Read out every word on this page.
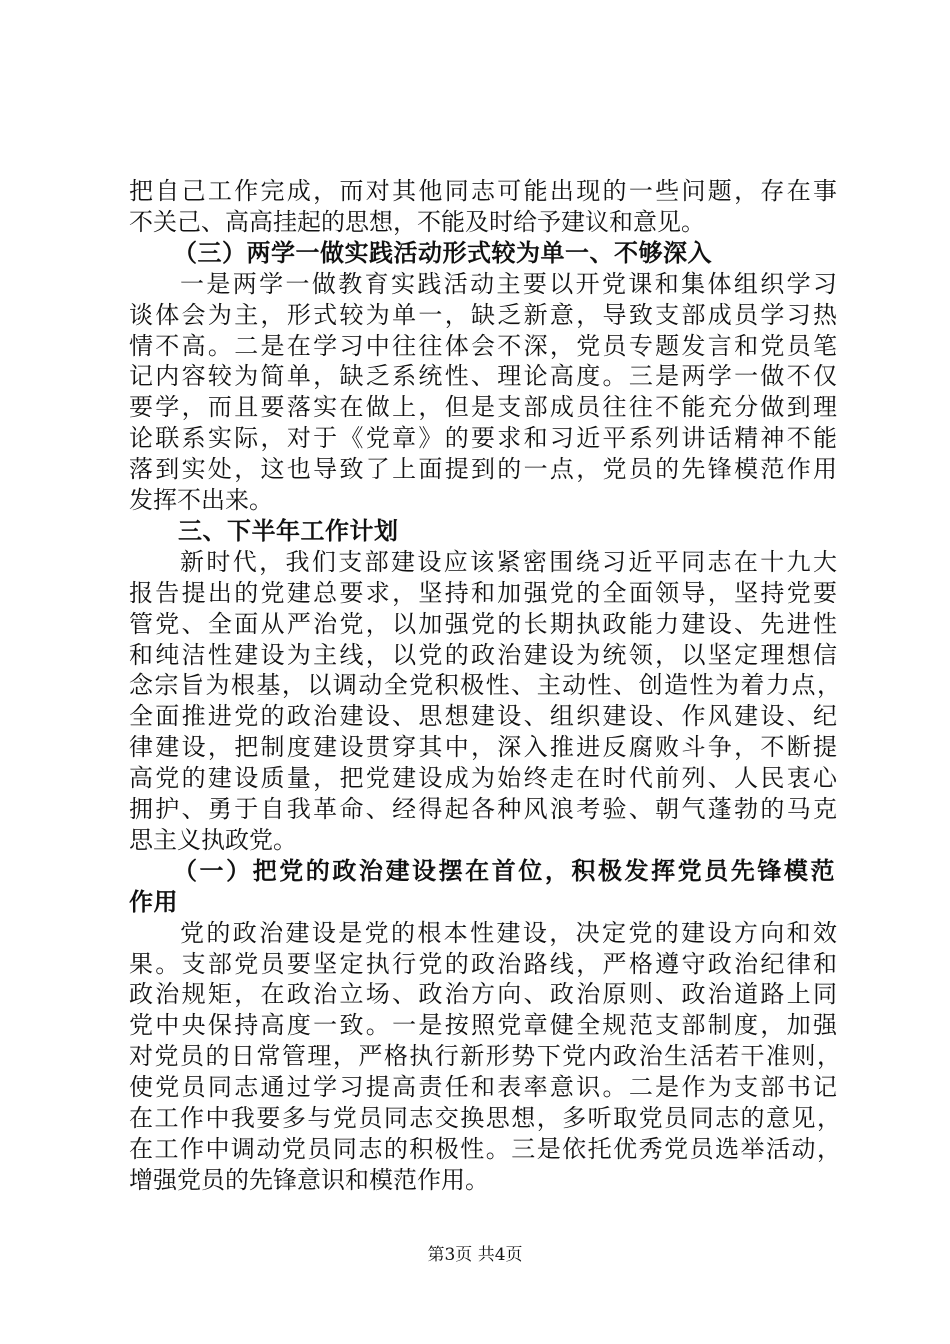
把自己工作完成，而对其他同志可能出现的一些问题，存在事
不关己、高高挂起的思想，不能及时给予建议和意见。
（三）两学一做实践活动形式较为单一、不够深入
一是两学一做教育实践活动主要以开党课和集体组织学习
谈体会为主，形式较为单一，缺乏新意，导致支部成员学习热
情不高。二是在学习中往往体会不深，党员专题发言和党员笔
记内容较为简单，缺乏系统性、理论高度。三是两学一做不仅
要学，而且要落实在做上，但是支部成员往往不能充分做到理
论联系实际，对于《党章》的要求和习近平系列讲话精神不能
落到实处，这也导致了上面提到的一点，党员的先锋模范作用
发挥不出来。
三、下半年工作计划
新时代，我们支部建设应该紧密围绕习近平同志在十九大
报告提出的党建总要求，坚持和加强党的全面领导，坚持党要
管党、全面从严治党，以加强党的长期执政能力建设、先进性
和纯洁性建设为主线，以党的政治建设为统领，以坚定理想信
念宗旨为根基，以调动全党积极性、主动性、创造性为着力点，
全面推进党的政治建设、思想建设、组织建设、作风建设、纪
律建设，把制度建设贯穿其中，深入推进反腐败斗争，不断提
高党的建设质量，把党建设成为始终走在时代前列、人民衷心
拥护、勇于自我革命、经得起各种风浪考验、朝气蓬勃的马克
思主义执政党。
（一）把党的政治建设摆在首位，积极发挥党员先锋模范
作用
党的政治建设是党的根本性建设，决定党的建设方向和效
果。支部党员要坚定执行党的政治路线，严格遵守政治纪律和
政治规矩，在政治立场、政治方向、政治原则、政治道路上同
党中央保持高度一致。一是按照党章健全规范支部制度，加强
对党员的日常管理，严格执行新形势下党内政治生活若干准则，
使党员同志通过学习提高责任和表率意识。二是作为支部书记
在工作中我要多与党员同志交换思想，多听取党员同志的意见，
在工作中调动党员同志的积极性。三是依托优秀党员选举活动，
增强党员的先锋意识和模范作用。
第3页 共4页
